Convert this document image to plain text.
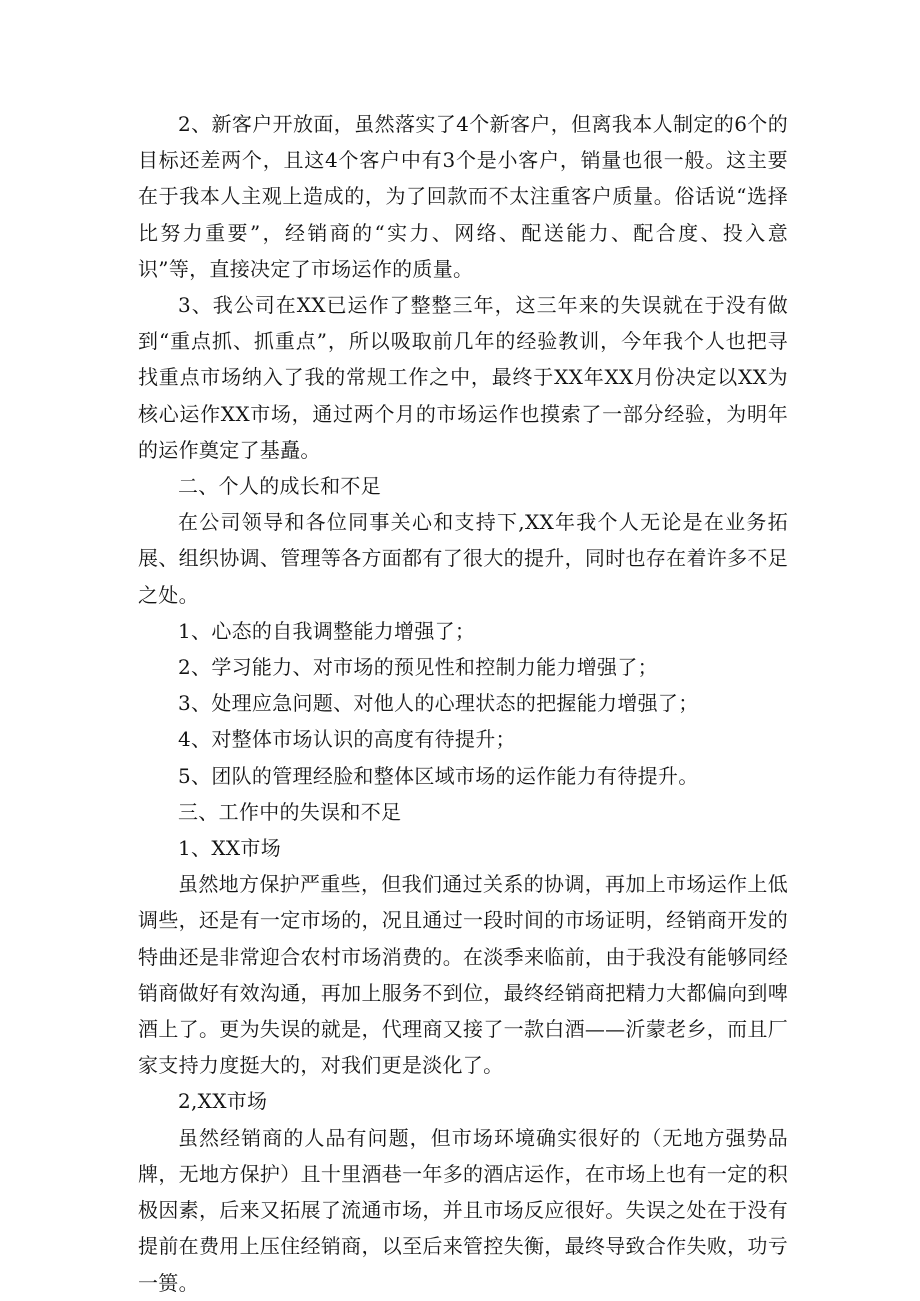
2、新客户开放面，虽然落实了4个新客户，但离我本人制定的6个的目标还差两个，且这4个客户中有3个是小客户，销量也很一般。这主要在于我本人主观上造成的，为了回款而不太注重客户质量。俗话说“选择比努力重要”，经销商的“实力、网络、配送能力、配合度、投入意识”等，直接决定了市场运作的质量。

3、我公司在XX已运作了整整三年，这三年来的失误就在于没有做到“重点抓、抓重点”，所以吸取前几年的经验教训，今年我个人也把寻找重点市场纳入了我的常规工作之中，最终于XX年XX月份决定以XX为核心运作XX市场，通过两个月的市场运作也摸索了一部分经验，为明年的运作奠定了基矗。

二、个人的成长和不足

在公司领导和各位同事关心和支持下,XX年我个人无论是在业务拓展、组织协调、管理等各方面都有了很大的提升，同时也存在着许多不足之处。

1、心态的自我调整能力增强了；

2、学习能力、对市场的预见性和控制力能力增强了；

3、处理应急问题、对他人的心理状态的把握能力增强了；

4、对整体市场认识的高度有待提升；

5、团队的管理经脸和整体区域市场的运作能力有待提升。

三、工作中的失误和不足

1、XX市场

虽然地方保护严重些，但我们通过关系的协调，再加上市场运作上低调些，还是有一定市场的，况且通过一段时间的市场证明，经销商开发的特曲还是非常迎合农村市场消费的。在淡季来临前，由于我没有能够同经销商做好有效沟通，再加上服务不到位，最终经销商把精力大都偏向到啤酒上了。更为失误的就是，代理商又接了一款白酒——沂蒙老乡，而且厂家支持力度挺大的，对我们更是淡化了。

2,XX市场

虽然经销商的人品有问题，但市场环境确实很好的（无地方强势品牌，无地方保护）且十里酒巷一年多的酒店运作，在市场上也有一定的积极因素，后来又拓展了流通市场，并且市场反应很好。失误之处在于没有提前在费用上压住经销商，以至后来管控失衡，最终导致合作失败，功亏一篑。
